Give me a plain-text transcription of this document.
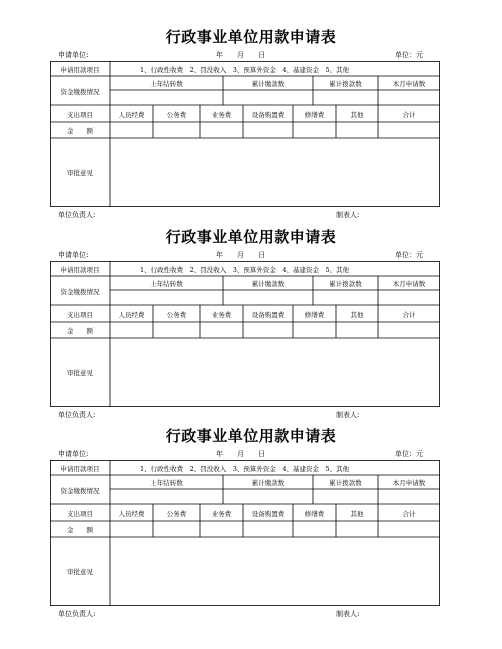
行政事业单位用款申请表
申请单位:	年　　月　　日	单位：元
申请用款项目	1、行政性收费　2、罚没收入　3、预算外资金　4、基建资金　5、其他
资金缴拨情况
上年结转数	累计缴款数	累计拨款数	本月申请数
支出项目	人员经费	公务费	业务费	设备购置费	修缮费	其他	合计
金　　额
审批意见
单位负责人:	制表人:
行政事业单位用款申请表
申请单位:	年　　月　　日	单位：元
申请用款项目	1、行政性收费　2、罚没收入　3、预算外资金　4、基建资金　5、其他
资金缴拨情况
上年结转数	累计缴款数	累计拨款数	本月申请数
支出项目	人员经费	公务费	业务费	设备购置费	修缮费	其他	合计
金　　额
审批意见
单位负责人:	制表人:
行政事业单位用款申请表
申请单位:	年　　月　　日	单位：元
申请用款项目	1、行政性收费　2、罚没收入　3、预算外资金　4、基建资金　5、其他
资金缴拨情况
上年结转数	累计缴款数	累计拨款数	本月申请数
支出项目	人员经费	公务费	业务费	设备购置费	修缮费	其他	合计
金　　额
审批意见
单位负责人:	制表人:
